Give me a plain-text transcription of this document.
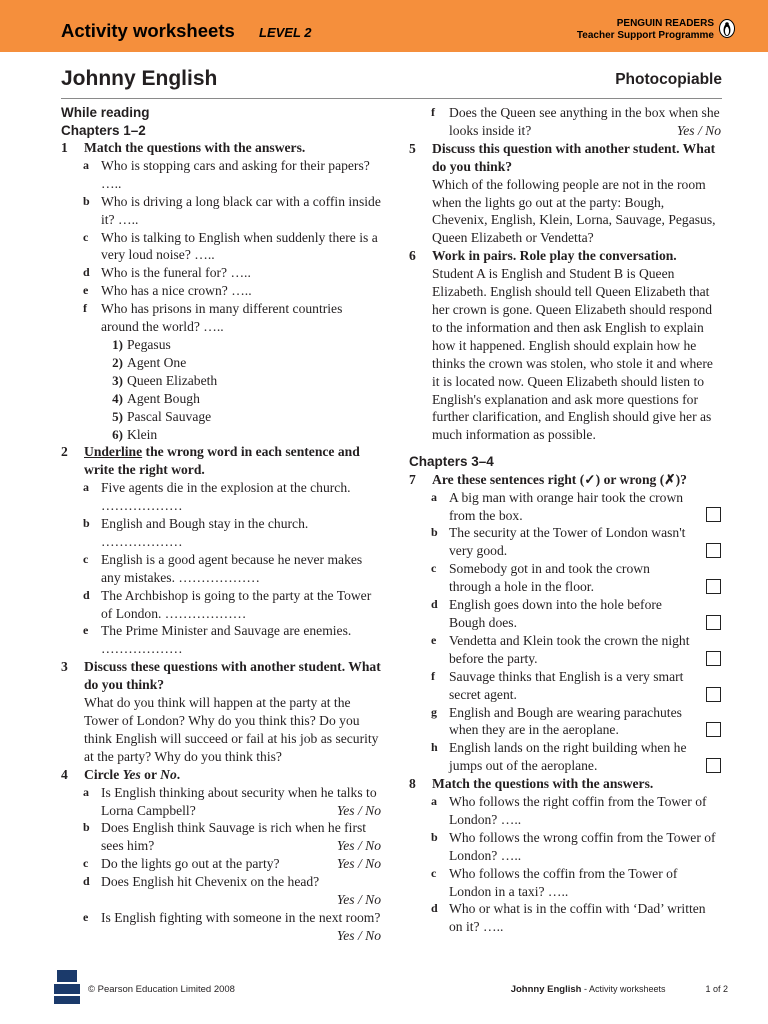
Activity worksheets LEVEL 2
PENGUIN READERS
Teacher Support Programme
Johnny English	Photocopiable
While reading
Chapters 1–2
1 Match the questions with the answers.
a Who is stopping cars and asking for their papers? …..
b Who is driving a long black car with a coffin inside it? …..
c Who is talking to English when suddenly there is a very loud noise? …..
d Who is the funeral for? …..
e Who has a nice crown? …..
f Who has prisons in many different countries around the world? …..
1) Pegasus
2) Agent One
3) Queen Elizabeth
4) Agent Bough
5) Pascal Sauvage
6) Klein
2 Underline the wrong word in each sentence and write the right word.
a Five agents die in the explosion at the church. ………………
b English and Bough stay in the church. ………………
c English is a good agent because he never makes any mistakes. ………………
d The Archbishop is going to the party at the Tower of London. ………………
e The Prime Minister and Sauvage are enemies. ………………
3 Discuss these questions with another student. What do you think?
What do you think will happen at the party at the Tower of London? Why do you think this? Do you think English will succeed or fail at his job as security at the party? Why do you think this?
4 Circle Yes or No.
a Is English thinking about security when he talks to Lorna Campbell?	Yes / No
b Does English think Sauvage is rich when he first sees him?	Yes / No
c Do the lights go out at the party?	Yes / No
d Does English hit Chevenix on the head?
Yes / No
e Is English fighting with someone in the next room?
Yes / No
f Does the Queen see anything in the box when she looks inside it?	Yes / No
5 Discuss this question with another student. What do you think?
Which of the following people are not in the room when the lights go out at the party: Bough, Chevenix, English, Klein, Lorna, Sauvage, Pegasus, Queen Elizabeth or Vendetta?
6 Work in pairs. Role play the conversation.
Student A is English and Student B is Queen Elizabeth. English should tell Queen Elizabeth that her crown is gone. Queen Elizabeth should respond to the information and then ask English to explain how it happened. English should explain how he thinks the crown was stolen, who stole it and where it is located now. Queen Elizabeth should listen to English's explanation and ask more questions for further clarification, and English should give her as much information as possible.
Chapters 3–4
7 Are these sentences right (✓) or wrong (✗)?
a A big man with orange hair took the crown from the box.
b The security at the Tower of London wasn't very good.
c Somebody got in and took the crown through a hole in the floor.
d English goes down into the hole before Bough does.
e Vendetta and Klein took the crown the night before the party.
f Sauvage thinks that English is a very smart secret agent.
g English and Bough are wearing parachutes when they are in the aeroplane.
h English lands on the right building when he jumps out of the aeroplane.
8 Match the questions with the answers.
a Who follows the right coffin from the Tower of London? …..
b Who follows the wrong coffin from the Tower of London? …..
c Who follows the coffin from the Tower of London in a taxi? …..
d Who or what is in the coffin with ‘Dad’ written on it? …..
© Pearson Education Limited 2008	Johnny English - Activity worksheets	1 of 2
